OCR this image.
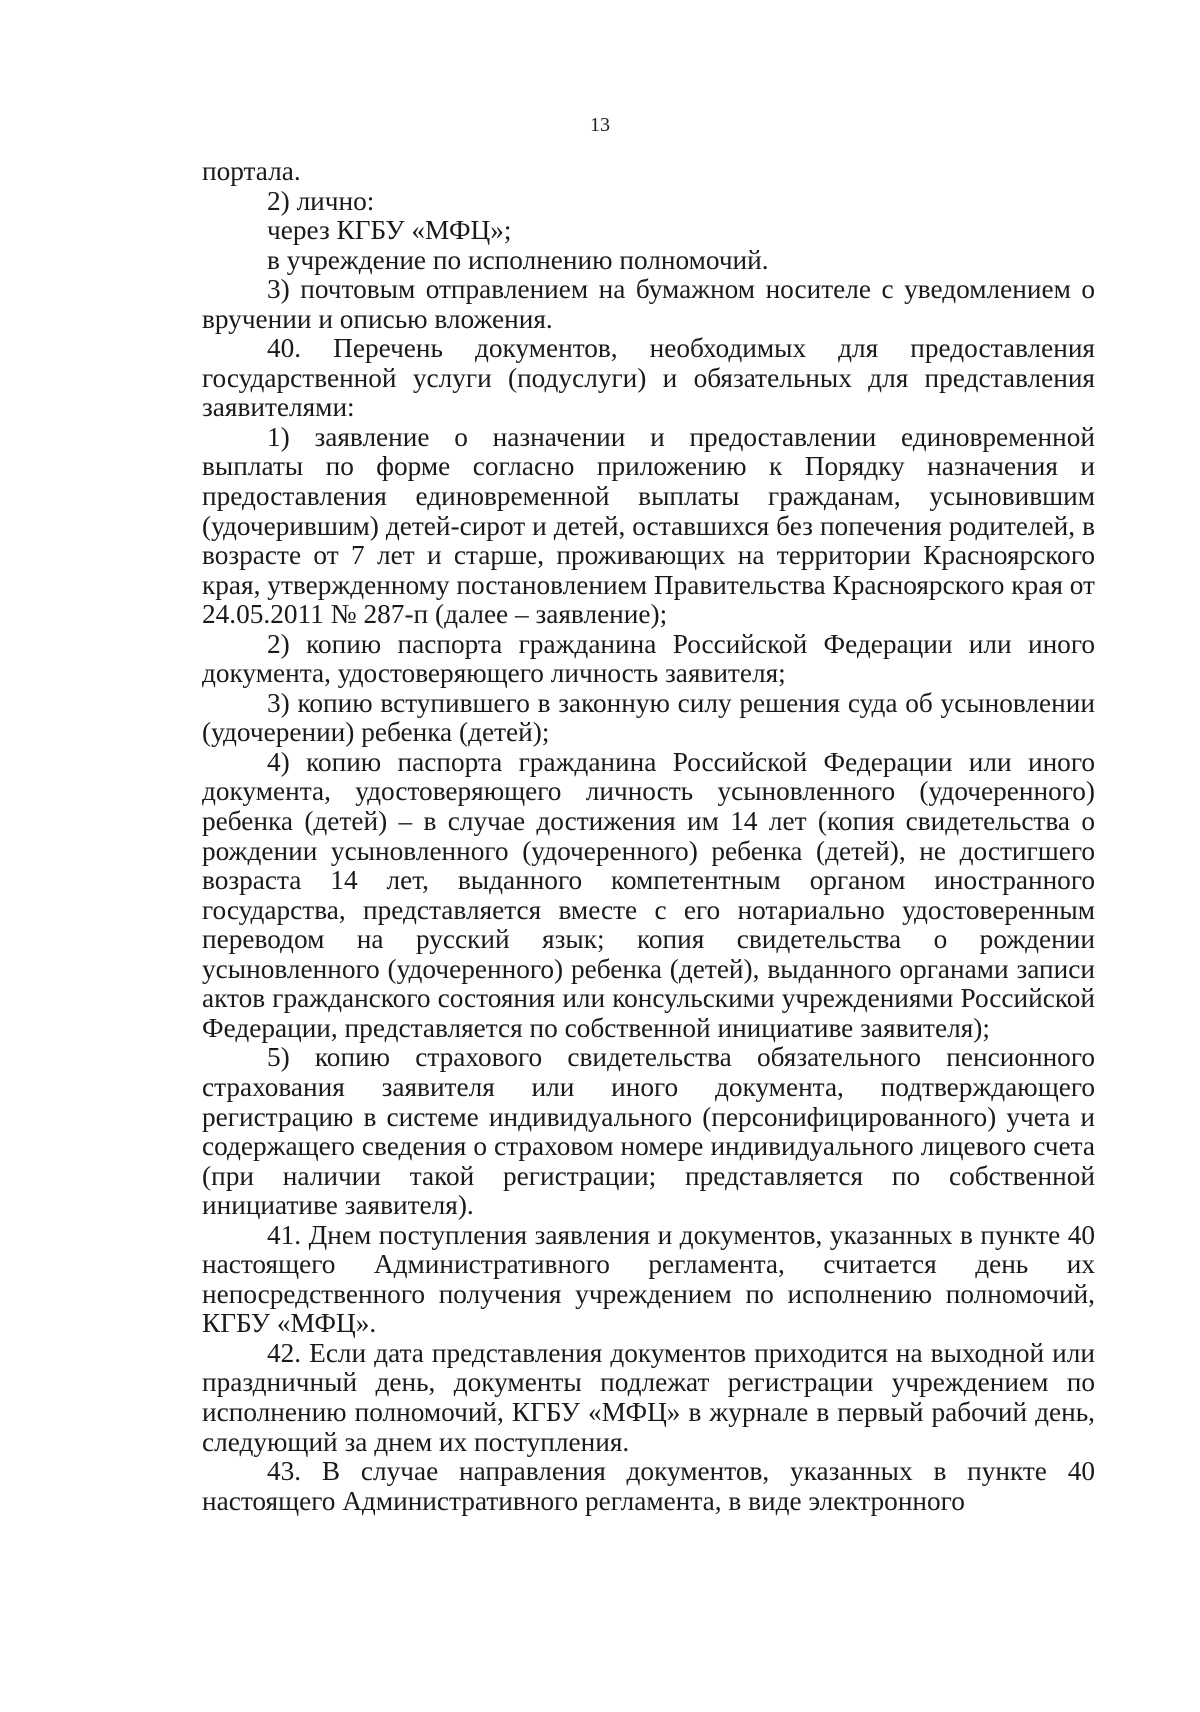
13

портала.

2) лично:

через КГБУ «МФЦ»;

в учреждение по исполнению полномочий.

3) почтовым отправлением на бумажном носителе с уведомлением о вручении и описью вложения.

40. Перечень документов, необходимых для предоставления государственной услуги (подуслуги) и обязательных для представления заявителями:

1) заявление о назначении и предоставлении единовременной выплаты по форме согласно приложению к Порядку назначения и предоставления единовременной выплаты гражданам, усыновившим (удочерившим) детей-сирот и детей, оставшихся без попечения родителей, в возрасте от 7 лет и старше, проживающих на территории Красноярского края, утвержденному постановлением Правительства Красноярского края от 24.05.2011 № 287-п (далее – заявление);

2) копию паспорта гражданина Российской Федерации или иного документа, удостоверяющего личность заявителя;

3) копию вступившего в законную силу решения суда об усыновлении (удочерении) ребенка (детей);

4) копию паспорта гражданина Российской Федерации или иного документа, удостоверяющего личность усыновленного (удочеренного) ребенка (детей) – в случае достижения им 14 лет (копия свидетельства о рождении усыновленного (удочеренного) ребенка (детей), не достигшего возраста 14 лет, выданного компетентным органом иностранного государства, представляется вместе с его нотариально удостоверенным переводом на русский язык; копия свидетельства о рождении усыновленного (удочеренного) ребенка (детей), выданного органами записи актов гражданского состояния или консульскими учреждениями Российской Федерации, представляется по собственной инициативе заявителя);

5) копию страхового свидетельства обязательного пенсионного страхования заявителя или иного документа, подтверждающего регистрацию в системе индивидуального (персонифицированного) учета и содержащего сведения о страховом номере индивидуального лицевого счета (при наличии такой регистрации; представляется по собственной инициативе заявителя).

41. Днем поступления заявления и документов, указанных в пункте 40 настоящего Административного регламента, считается день их непосредственного получения учреждением по исполнению полномочий, КГБУ «МФЦ».

42. Если дата представления документов приходится на выходной или праздничный день, документы подлежат регистрации учреждением по исполнению полномочий, КГБУ «МФЦ» в журнале в первый рабочий день, следующий за днем их поступления.

43. В случае направления документов, указанных в пункте 40 настоящего Административного регламента, в виде электронного
